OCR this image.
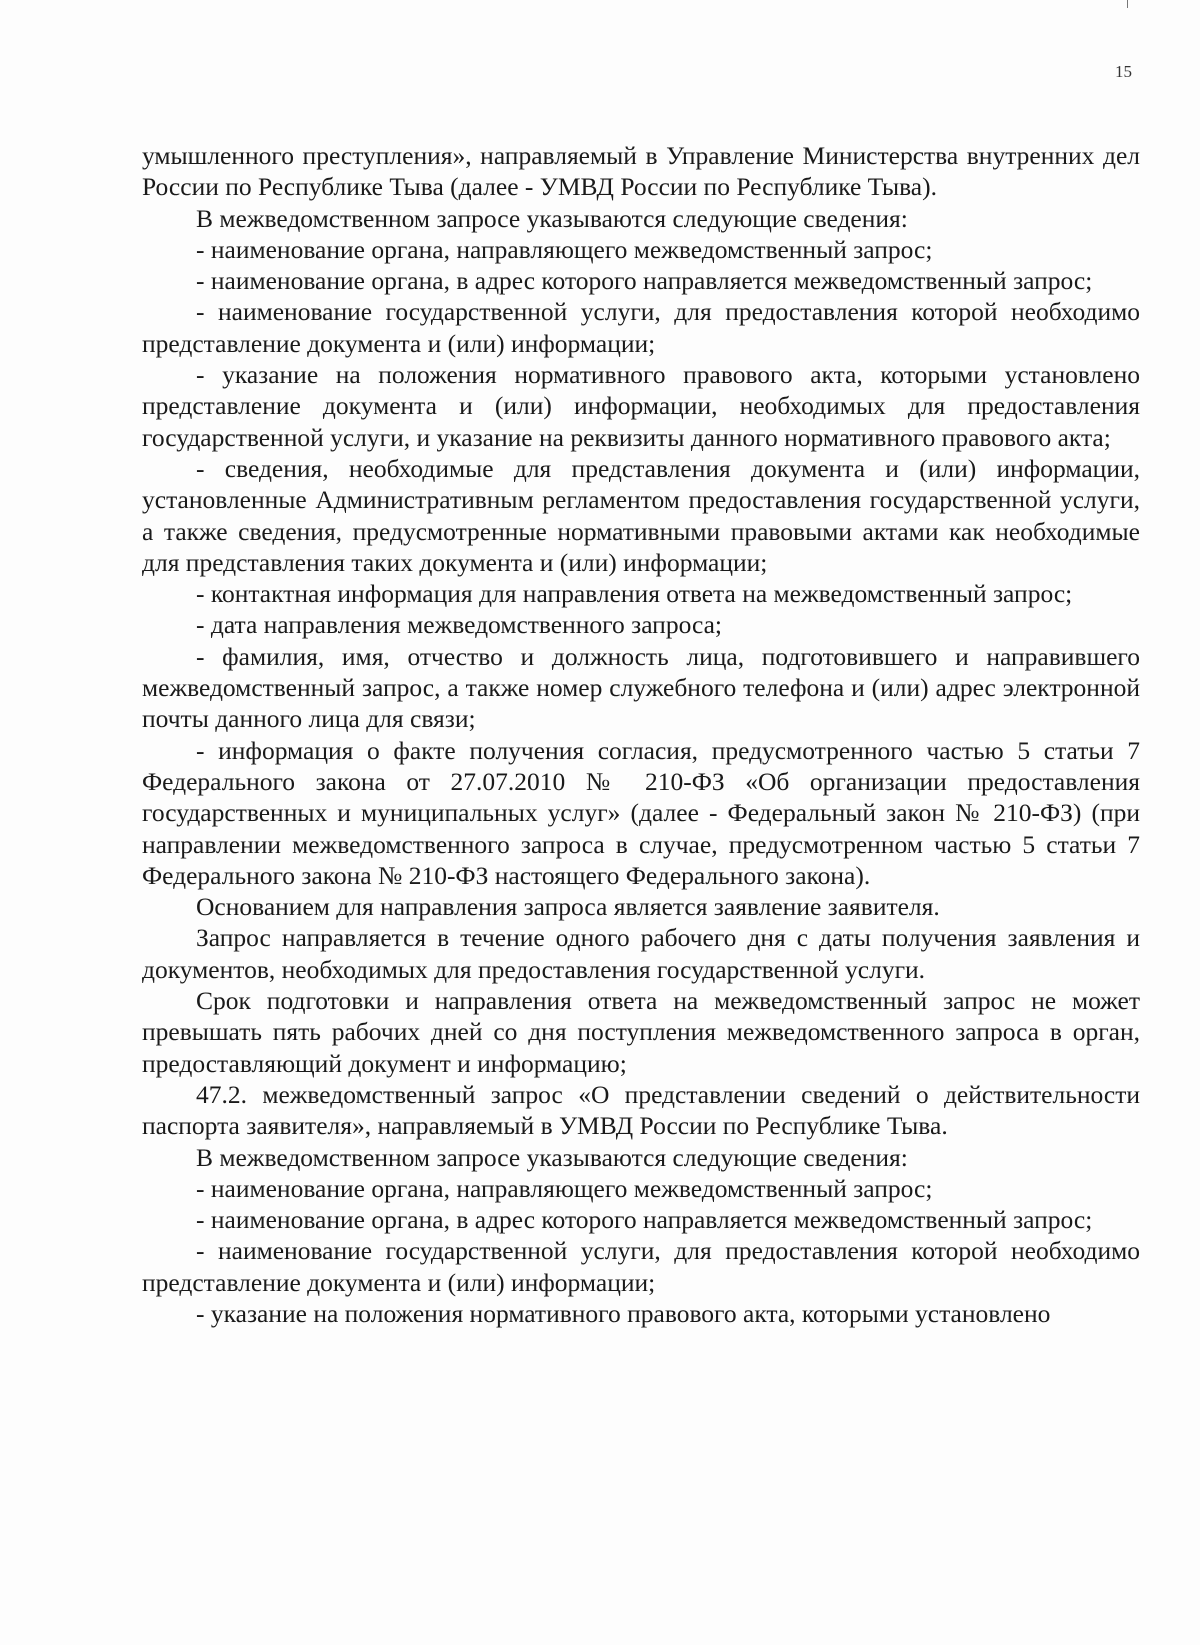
15

умышленного преступления», направляемый в Управление Министерства внутренних дел России по Республике Тыва (далее - УМВД России по Республике Тыва).

В межведомственном запросе указываются следующие сведения:

- наименование органа, направляющего межведомственный запрос;

- наименование органа, в адрес которого направляется межведомственный запрос;

- наименование государственной услуги, для предоставления которой необходимо представление документа и (или) информации;

- указание на положения нормативного правового акта, которыми установлено представление документа и (или) информации, необходимых для предоставления государственной услуги, и указание на реквизиты данного нормативного правового акта;

- сведения, необходимые для представления документа и (или) информации, установленные Административным регламентом предоставления государственной услуги, а также сведения, предусмотренные нормативными правовыми актами как необходимые для представления таких документа и (или) информации;

- контактная информация для направления ответа на межведомственный запрос;

- дата направления межведомственного запроса;

- фамилия, имя, отчество и должность лица, подготовившего и направившего межведомственный запрос, а также номер служебного телефона и (или) адрес электронной почты данного лица для связи;

- информация о факте получения согласия, предусмотренного частью 5 статьи 7 Федерального закона от 27.07.2010 № 210-ФЗ «Об организации предоставления государственных и муниципальных услуг» (далее - Федеральный закон № 210-ФЗ) (при направлении межведомственного запроса в случае, предусмотренном частью 5 статьи 7 Федерального закона № 210-ФЗ настоящего Федерального закона).

Основанием для направления запроса является заявление заявителя.

Запрос направляется в течение одного рабочего дня с даты получения заявления и документов, необходимых для предоставления государственной услуги.

Срок подготовки и направления ответа на межведомственный запрос не может превышать пять рабочих дней со дня поступления межведомственного запроса в орган, предоставляющий документ и информацию;

47.2. межведомственный запрос «О представлении сведений о действительности паспорта заявителя», направляемый в УМВД России по Республике Тыва.

В межведомственном запросе указываются следующие сведения:

- наименование органа, направляющего межведомственный запрос;

- наименование органа, в адрес которого направляется межведомственный запрос;

- наименование государственной услуги, для предоставления которой необходимо представление документа и (или) информации;

- указание на положения нормативного правового акта, которыми установлено
